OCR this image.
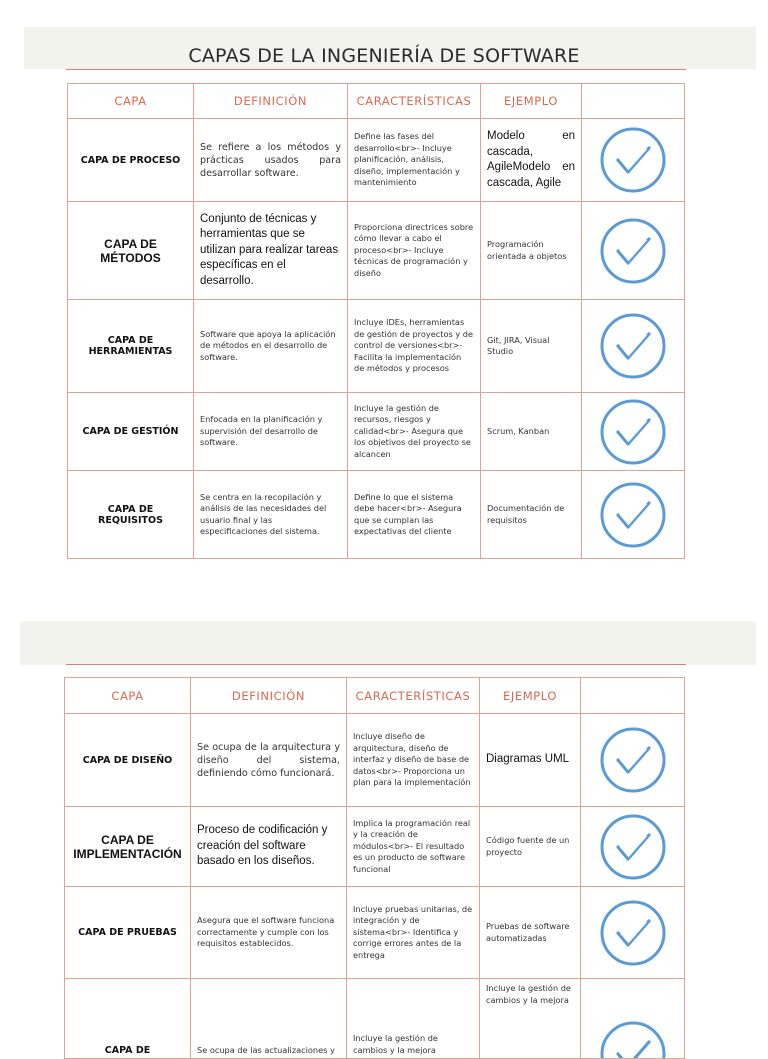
CAPAS DE LA INGENIERÍA DE SOFTWARE
CAPA	DEFINICIÓN	CARACTERÍSTICAS	EJEMPLO	
CAPA DE PROCESO	Se refiere a los métodos y prácticas usados para desarrollar software.	Define las fases del desarrollo<br>- Incluye planificación, análisis, diseño, implementación y mantenimiento	Modelo en cascada, AgileModelo en cascada, Agile	

CAPA DE MÉTODOS	Conjunto de técnicas y herramientas que se utilizan para realizar tareas específicas en el desarrollo.	Proporciona directrices sobre cómo llevar a cabo el proceso<br>- Incluye técnicas de programación y diseño	Programación orientada a objetos	

CAPA DE HERRAMIENTAS	Software que apoya la aplicación de métodos en el desarrollo de software.	Incluye IDEs, herramientas de gestión de proyectos y de control de versiones<br>- Facilita la implementación de métodos y procesos	Git, JIRA, Visual Studio	

CAPA DE GESTIÓN	Enfocada en la planificación y supervisión del desarrollo de software.	Incluye la gestión de recursos, riesgos y calidad<br>- Asegura que los objetivos del proyecto se alcancen	Scrum, Kanban	

CAPA DE REQUISITOS	Se centra en la recopilación y análisis de las necesidades del usuario final y las especificaciones del sistema.	Define lo que el sistema debe hacer<br>- Asegura que se cumplan las expectativas del cliente	Documentación de requisitos	
CAPA	DEFINICIÓN	CARACTERÍSTICAS	EJEMPLO	
CAPA DE DISEÑO	Se ocupa de la arquitectura y diseño del sistema, definiendo cómo funcionará.	Incluye diseño de arquitectura, diseño de interfaz y diseño de base de datos<br>- Proporciona un plan para la implementación	Diagramas UML	

CAPA DE IMPLEMENTACIÓN	Proceso de codificación y creación del software basado en los diseños.	Implica la programación real y la creación de módulos<br>- El resultado es un producto de software funcional	Código fuente de un proyecto	

CAPA DE PRUEBAS	Asegura que el software funciona correctamente y cumple con los requisitos establecidos.	Incluye pruebas unitarias, de integración y de sistema<br>- Identifica y corrige errores antes de la entrega	Pruebas de software automatizadas	

CAPA DE	Se ocupa de las actualizaciones y	Incluye la gestión de cambios y la mejora	Incluye la gestión de cambios y la mejora	
